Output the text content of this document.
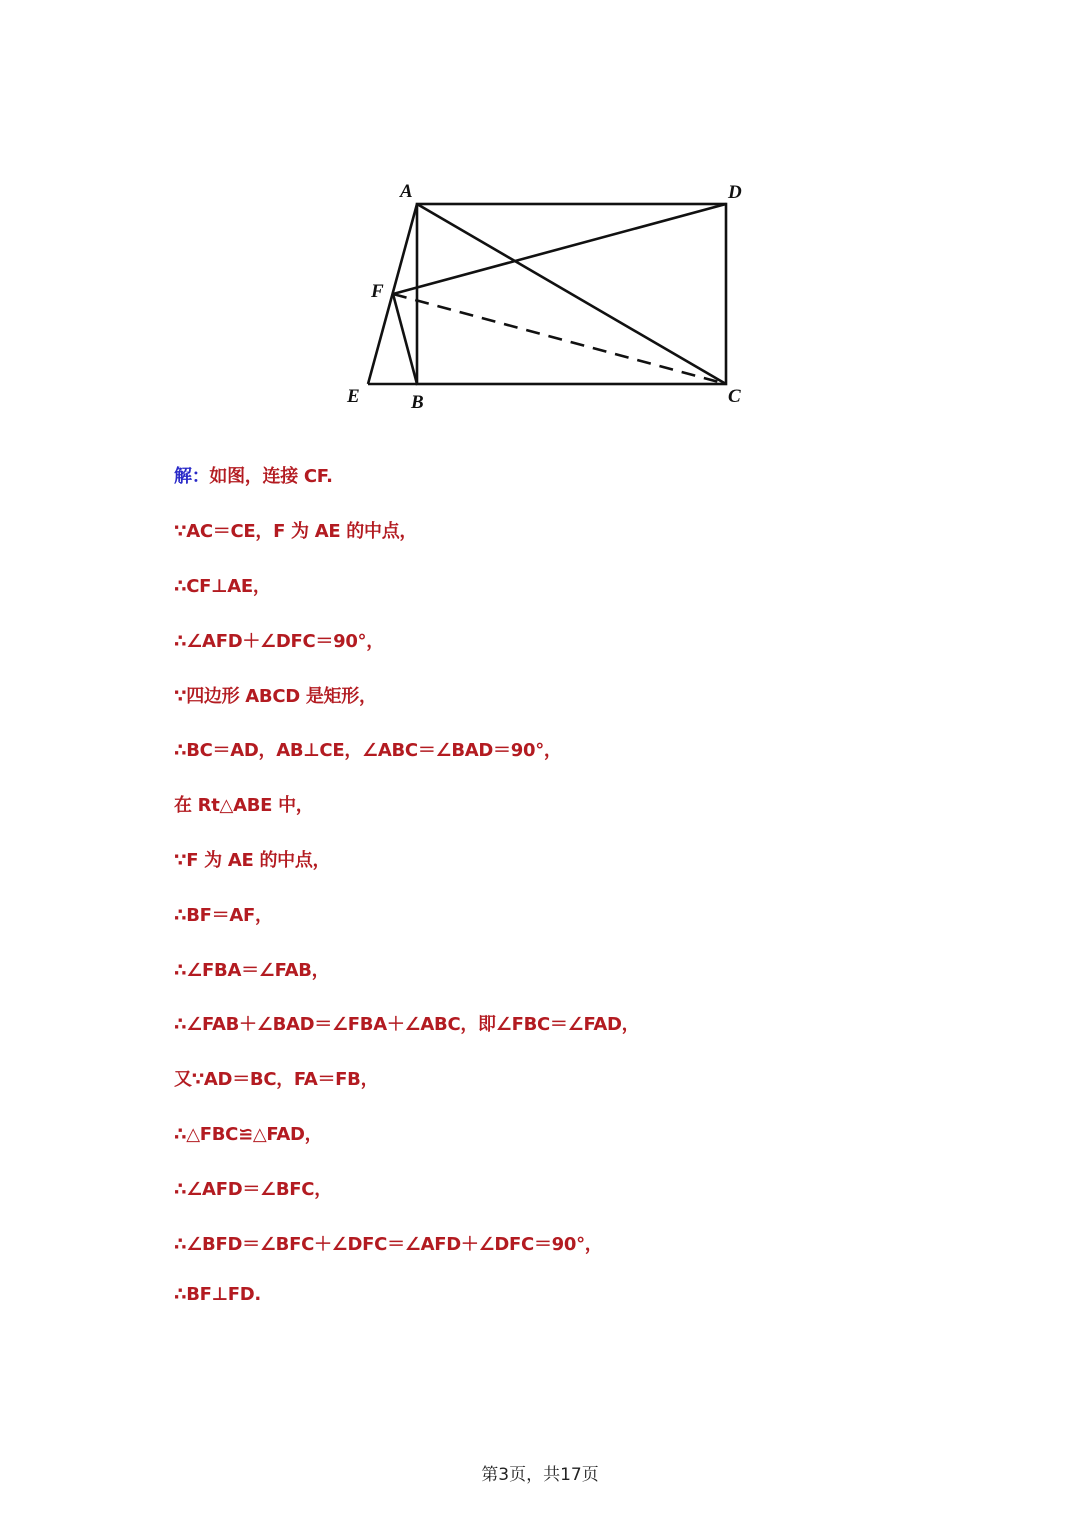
A	D
F
E	B	C
解：如图，连接 CF.
∵AC＝CE，F 为 AE 的中点，
∴CF⊥AE，
∴∠AFD＋∠DFC＝90°，
∵四边形 ABCD 是矩形，
∴BC＝AD，AB⊥CE，∠ABC＝∠BAD＝90°，
在 Rt△ABE 中，
∵F 为 AE 的中点，
∴BF＝AF，
∴∠FBA＝∠FAB，
∴∠FAB＋∠BAD＝∠FBA＋∠ABC，即∠FBC＝∠FAD，
又∵AD＝BC，FA＝FB，
∴△FBC≌△FAD，
∴∠AFD＝∠BFC，
∴∠BFD＝∠BFC＋∠DFC＝∠AFD＋∠DFC＝90°，
∴BF⊥FD.
第3页，共17页
